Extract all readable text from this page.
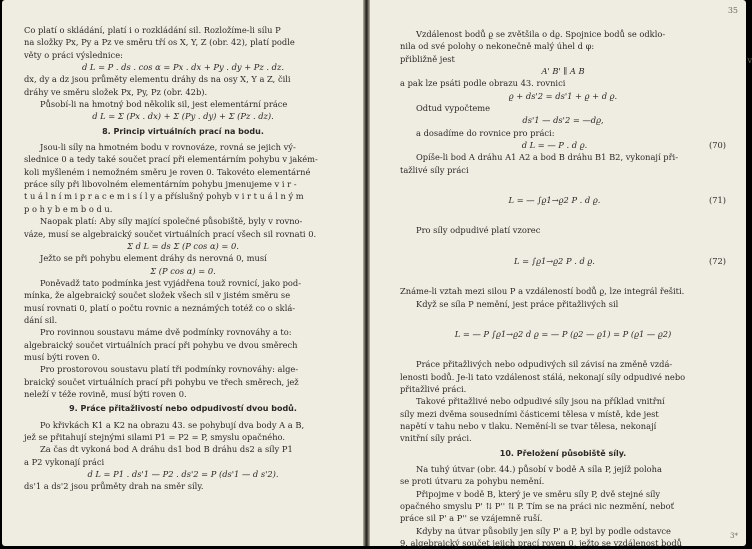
Co platí o skládání, platí i o rozkládání sil. Rozložíme-li sílu P

na složky Px, Py a Pz ve směru tří os X, Y, Z (obr. 42), platí podle

věty o práci výslednice:

d L = P . ds . cos α = Px . dx + Py . dy + Pz . dz.

dx, dy a dz jsou průměty elementu dráhy ds na osy X, Y a Z, čili

dráhy ve směru složek Px, Py, Pz (obr. 42b).

Působí-li na hmotný bod několik sil, jest elementární práce

d L = Σ (Px . dx) + Σ (Py . dy) + Σ (Pz . dz).

8. Princip virtuálních prací na bodu.

Jsou-li síly na hmotném bodu v rovnováze, rovná se jejich vý-

slednice 0 a tedy také součet prací při elementárním pohybu v jakém-

koli myšleném i nemožném směru je roven 0. Takovéto elementárné

práce síly při libovolném elementárním pohybu jmenujeme v i r -

t u á l n í m i p r a c e m i s í l y a příslušný pohyb v i r t u á l n ý m

p o h y b e m b o d u.

Naopak platí: Aby síly mající společné působiště, byly v rovno-

váze, musí se algebraický součet virtuálních prací všech sil rovnati 0.

Σ d L = ds Σ (P cos α) = 0.

Ježto se při pohybu element dráhy ds nerovná 0, musí

Σ (P cos α) = 0.

Poněvadž tato podmínka jest vyjádřena touž rovnicí, jako pod-

mínka, že algebraický součet složek všech sil v jistém směru se

musí rovnati 0, platí o počtu rovnic a neznámých totéž co o sklá-

dání sil.

Pro rovinnou soustavu máme dvě podmínky rovnováhy a to:

algebraický součet virtuálních prací při pohybu ve dvou směrech

musí býti roven 0.

Pro prostorovou soustavu platí tři podmínky rovnováhy: alge-

braický součet virtuálních prací při pohybu ve třech směrech, jež

neleží v téže rovině, musí býti roven 0.

9. Práce přitažlivostí nebo odpudivostí dvou bodů.

Po křivkách K1 a K2 na obrazu 43. se pohybují dva body A a B,

jež se přitahují stejnými silami P1 = P2 = P, smyslu opačného.

Za čas dt vykoná bod A dráhu ds1 bod B dráhu ds2 a síly P1

a P2 vykonají práci

d L = P1 . ds'1 — P2 . ds'2 = P (ds'1 — d s'2).

ds'1 a ds'2 jsou průměty drah na směr síly.

35
v

Vzdálenost bodů ϱ se zvětšila o dϱ. Spojnice bodů se odklo-

nila od své polohy o nekonečně malý úhel d φ:

přibližně jest

A' B' ∥ A B

a pak lze psáti podle obrazu 43. rovnici

ϱ + ds'2 = ds'1 + ϱ + d ϱ.

Odtud vypočteme

ds'1 — ds'2 = —dϱ,

a dosadíme do rovnice pro práci:

d L = — P . d ϱ.	(70)

Opíše-li bod A dráhu A1 A2 a bod B dráhu B1 B2, vykonají při-

tažlivé síly práci

L = — ∫ϱ1→ϱ2 P . d ϱ.	(71)

Pro síly odpudivé platí vzorec

L = ∫ϱ1→ϱ2 P . d ϱ.	(72)

Známe-li vztah mezi silou P a vzdáleností bodů ϱ, lze integrál řešiti.

Když se síla P nemění, jest práce přitažlivých sil

L = — P ∫ϱ1→ϱ2 d ϱ = — P (ϱ2 — ϱ1) = P (ϱ1 — ϱ2)

Práce přitažlivých nebo odpudivých sil závisí na změně vzdá-

lenosti bodů. Je-li tato vzdálenost stálá, nekonají síly odpudivé nebo

přitažlivé práci.

Takové přitažlivé nebo odpudivé síly jsou na příklad vnitřní

síly mezi dvěma sousedními částicemi tělesa v místě, kde jest

napětí v tahu nebo v tlaku. Nemění-li se tvar tělesa, nekonají

vnitřní síly práci.

10. Přeložení působiště síly.

Na tuhý útvar (obr. 44.) působí v bodě A síla P, jejíž poloha

se proti útvaru za pohybu nemění.

Připojme v bodě B, který je ve směru síly P, dvě stejné síly

opačného smyslu P' ⇅ P'' ⇅ P. Tím se na práci nic nezmění, neboť

práce sil P' a P'' se vzájemně ruší.

Kdyby na útvar působily jen síly P' a P, byl by podle odstavce

9. algebraický součet jejich prací roven 0, ježto se vzdálenost bodů

3*
